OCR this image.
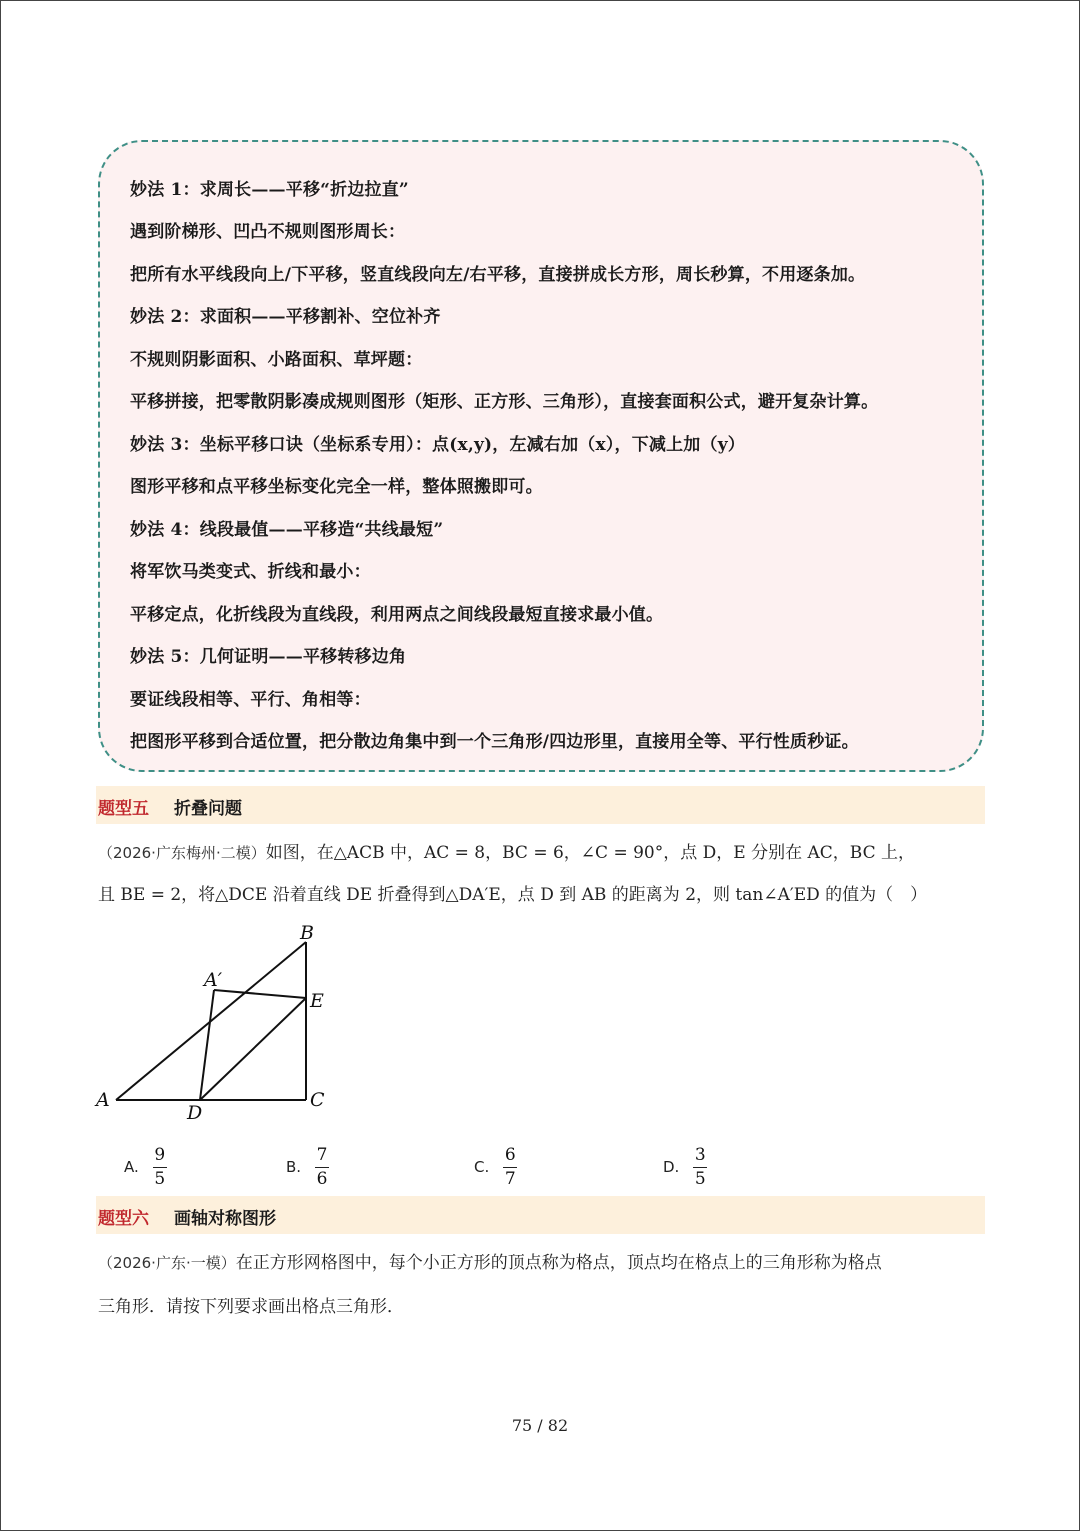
妙法 1：求周长——平移“折边拉直”
遇到阶梯形、凹凸不规则图形周长：
把所有水平线段向上/下平移，竖直线段向左/右平移，直接拼成长方形，周长秒算，不用逐条加。
妙法 2：求面积——平移割补、空位补齐
不规则阴影面积、小路面积、草坪题：
平移拼接，把零散阴影凑成规则图形（矩形、正方形、三角形），直接套面积公式，避开复杂计算。
妙法 3：坐标平移口诀（坐标系专用）：点(x,y)，左减右加（x），下减上加（y）
图形平移和点平移坐标变化完全一样，整体照搬即可。
妙法 4：线段最值——平移造“共线最短”
将军饮马类变式、折线和最小：
平移定点，化折线段为直线段，利用两点之间线段最短直接求最小值。
妙法 5：几何证明——平移转移边角
要证线段相等、平行、角相等：
把图形平移到合适位置，把分散边角集中到一个三角形/四边形里，直接用全等、平行性质秒证。
题型五 折叠问题
（2026·广东梅州·二模）如图，在△ACB 中，AC = 8，BC = 6，∠C = 90°，点 D，E 分别在 AC，BC 上，
且 BE = 2，将△DCE 沿着直线 DE 折叠得到△DA′E，点 D 到 AB 的距离为 2，则 tan∠A′ED 的值为（　）
B
A′
E
A
D
C
A. $\frac{9}{5}$	B. $\frac{7}{6}$	C. $\frac{6}{7}$	D. $\frac{3}{5}$
题型六 画轴对称图形
（2026·广东·一模）在正方形网格图中，每个小正方形的顶点称为格点，顶点均在格点上的三角形称为格点
三角形．请按下列要求画出格点三角形．
75 / 82
